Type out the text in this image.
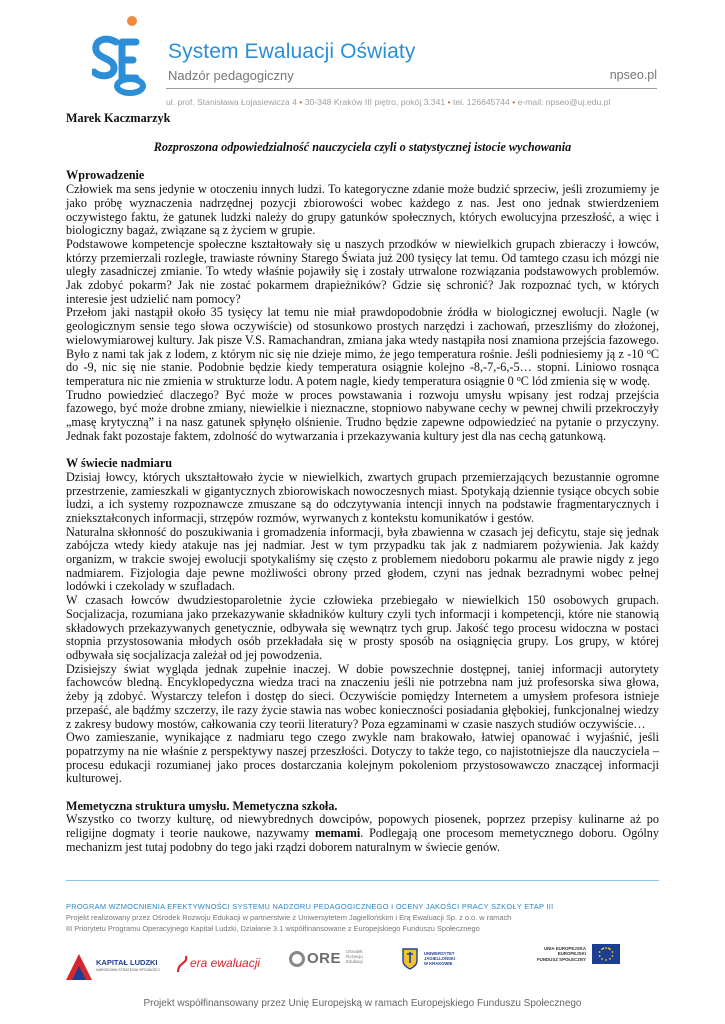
System Ewaluacji Oświaty
Nadzór pedagogiczny	npseo.pl
ul. prof. Stanisława Łojasiewicza 4 • 30-348 Kraków III piętro, pokój 3.341 • tel. 126645744 • e-mail: npseo@uj.edu.pl
Marek Kaczmarzyk
Rozproszona odpowiedzialność nauczyciela czyli o statystycznej istocie wychowania
Wprowadzenie

Człowiek ma sens jedynie w otoczeniu innych ludzi. To kategoryczne zdanie może budzić sprzeciw, jeśli zrozumiemy je jako próbę wyznaczenia nadrzędnej pozycji zbiorowości wobec każdego z nas. Jest ono jednak stwierdzeniem oczywistego faktu, że gatunek ludzki należy do grupy gatunków społecznych, których ewolucyjna przeszłość, a więc i biologiczny bagaż, związane są z życiem w grupie.

Podstawowe kompetencje społeczne kształtowały się u naszych przodków w niewielkich grupach zbieraczy i łowców, którzy przemierzali rozległe, trawiaste równiny Starego Świata już 200 tysięcy lat temu. Od tamtego czasu ich mózgi nie uległy zasadniczej zmianie. To wtedy właśnie pojawiły się i zostały utrwalone rozwiązania podstawowych problemów. Jak zdobyć pokarm? Jak nie zostać pokarmem drapieżników? Gdzie się schronić? Jak rozpoznać tych, w których interesie jest udzielić nam pomocy?

Przełom jaki nastąpił około 35 tysięcy lat temu nie miał prawdopodobnie źródła w biologicznej ewolucji. Nagle (w geologicznym sensie tego słowa oczywiście) od stosunkowo prostych narzędzi i zachowań, przeszliśmy do złożonej, wielowymiarowej kultury. Jak pisze V.S. Ramachandran, zmiana jaka wtedy nastąpiła nosi znamiona przejścia fazowego. Było z nami tak jak z lodem, z którym nic się nie dzieje mimo, że jego temperatura rośnie. Jeśli podniesiemy ją z -10 $^o$C do -9, nic się nie stanie. Podobnie będzie kiedy temperatura osiągnie kolejno -8,-7,-6,-5… stopni. Liniowo rosnąca temperatura nic nie zmienia w strukturze lodu. A potem nagle, kiedy temperatura osiągnie 0 $^o$C lód zmienia się w wodę.

Trudno powiedzieć dlaczego? Być może w proces powstawania i rozwoju umysłu wpisany jest rodzaj przejścia fazowego, być może drobne zmiany, niewielkie i nieznaczne, stopniowo nabywane cechy w pewnej chwili przekroczyły „masę krytyczną” i na nasz gatunek spłynęło olśnienie. Trudno będzie zapewne odpowiedzieć na pytanie o przyczyny. Jednak fakt pozostaje faktem, zdolność do wytwarzania i przekazywania kultury jest dla nas cechą gatunkową.

W świecie nadmiaru

Dzisiaj łowcy, których ukształtowało życie w niewielkich, zwartych grupach przemierzających bezustannie ogromne przestrzenie, zamieszkali w gigantycznych zbiorowiskach nowoczesnych miast. Spotykają dziennie tysiące obcych sobie ludzi, a ich systemy rozpoznawcze zmuszane są do odczytywania intencji innych na podstawie fragmentarycznych i zniekształconych informacji, strzępów rozmów, wyrwanych z kontekstu komunikatów i gestów.

Naturalna skłonność do poszukiwania i gromadzenia informacji, była zbawienna w czasach jej deficytu, staje się jednak zabójcza wtedy kiedy atakuje nas jej nadmiar. Jest w tym przypadku tak jak z nadmiarem pożywienia. Jak każdy organizm, w trakcie swojej ewolucji spotykaliśmy się często z problemem niedoboru pokarmu ale prawie nigdy z jego nadmiarem. Fizjologia daje pewne możliwości obrony przed głodem, czyni nas jednak bezradnymi wobec pełnej lodówki i czekolady w szufladach.

W czasach łowców dwudziestoparoletnie życie człowieka przebiegało w niewielkich 150 osobowych grupach. Socjalizacja, rozumiana jako przekazywanie składników kultury czyli tych informacji i kompetencji, które nie stanowią składowych przekazywanych genetycznie, odbywała się wewnątrz tych grup. Jakość tego procesu widoczna w postaci stopnia przystosowania młodych osób przekładała się w prosty sposób na osiągnięcia grupy. Los grupy, w której odbywała się socjalizacja zależał od jej powodzenia.

Dzisiejszy świat wygląda jednak zupełnie inaczej. W dobie powszechnie dostępnej, taniej informacji autorytety fachowców bledną. Encyklopedyczna wiedza traci na znaczeniu jeśli nie potrzebna nam już profesorska siwa głowa, żeby ją zdobyć. Wystarczy telefon i dostęp do sieci. Oczywiście pomiędzy Internetem a umysłem profesora istnieje przepaść, ale bądźmy szczerzy, ile razy życie stawia nas wobec konieczności posiadania głębokiej, funkcjonalnej wiedzy z zakresy budowy mostów, całkowania czy teorii literatury? Poza egzaminami w czasie naszych studiów oczywiście…

Owo zamieszanie, wynikające z nadmiaru tego czego zwykle nam brakowało, łatwiej opanować i wyjaśnić, jeśli popatrzymy na nie właśnie z perspektywy naszej przeszłości. Dotyczy to także tego, co najistotniejsze dla nauczyciela – procesu edukacji rozumianej jako proces dostarczania kolejnym pokoleniom przystosowawczo znaczącej informacji kulturowej.

Memetyczna struktura umysłu. Memetyczna szkoła.

Wszystko co tworzy kulturę, od niewybrednych dowcipów, popowych piosenek, poprzez przepisy kulinarne aż po religijne dogmaty i teorie naukowe, nazywamy memami. Podlegają one procesom memetycznego doboru. Ogólny mechanizm jest tutaj podobny do tego jaki rządzi doborem naturalnym w świecie genów.

PROGRAM WZMOCNIENIA EFEKTYWNOŚCI SYSTEMU NADZORU PEDAGOGICZNEGO I OCENY JAKOŚCI PRACY SZKOŁY ETAP III
Projekt realizowany przez Ośrodek Rozwoju Edukacji w partnerstwie z Uniwersytetem Jagiellońskim i Erą Ewaluacji Sp. z o.o. w ramach
III Priorytetu Programu Operacyjnego Kapitał Ludzki, Działanie 3.1 współfinansowane z Europejskiego Funduszu Społecznego
KAPITAŁ LUDZKI
NARODOWA STRATEGIA SPÓJNOŚCI	era ewaluacji	ORE Ośrodek
Rozwoju
Edukacji
UNIWERSYTET
JAGIELLOŃSKI
W KRAKOWIE
UNIA EUROPEJSKA
EUROPEJSKI
FUNDUSZ SPOŁECZNY
Projekt współfinansowany przez Unię Europejską w ramach Europejskiego Funduszu Społecznego
